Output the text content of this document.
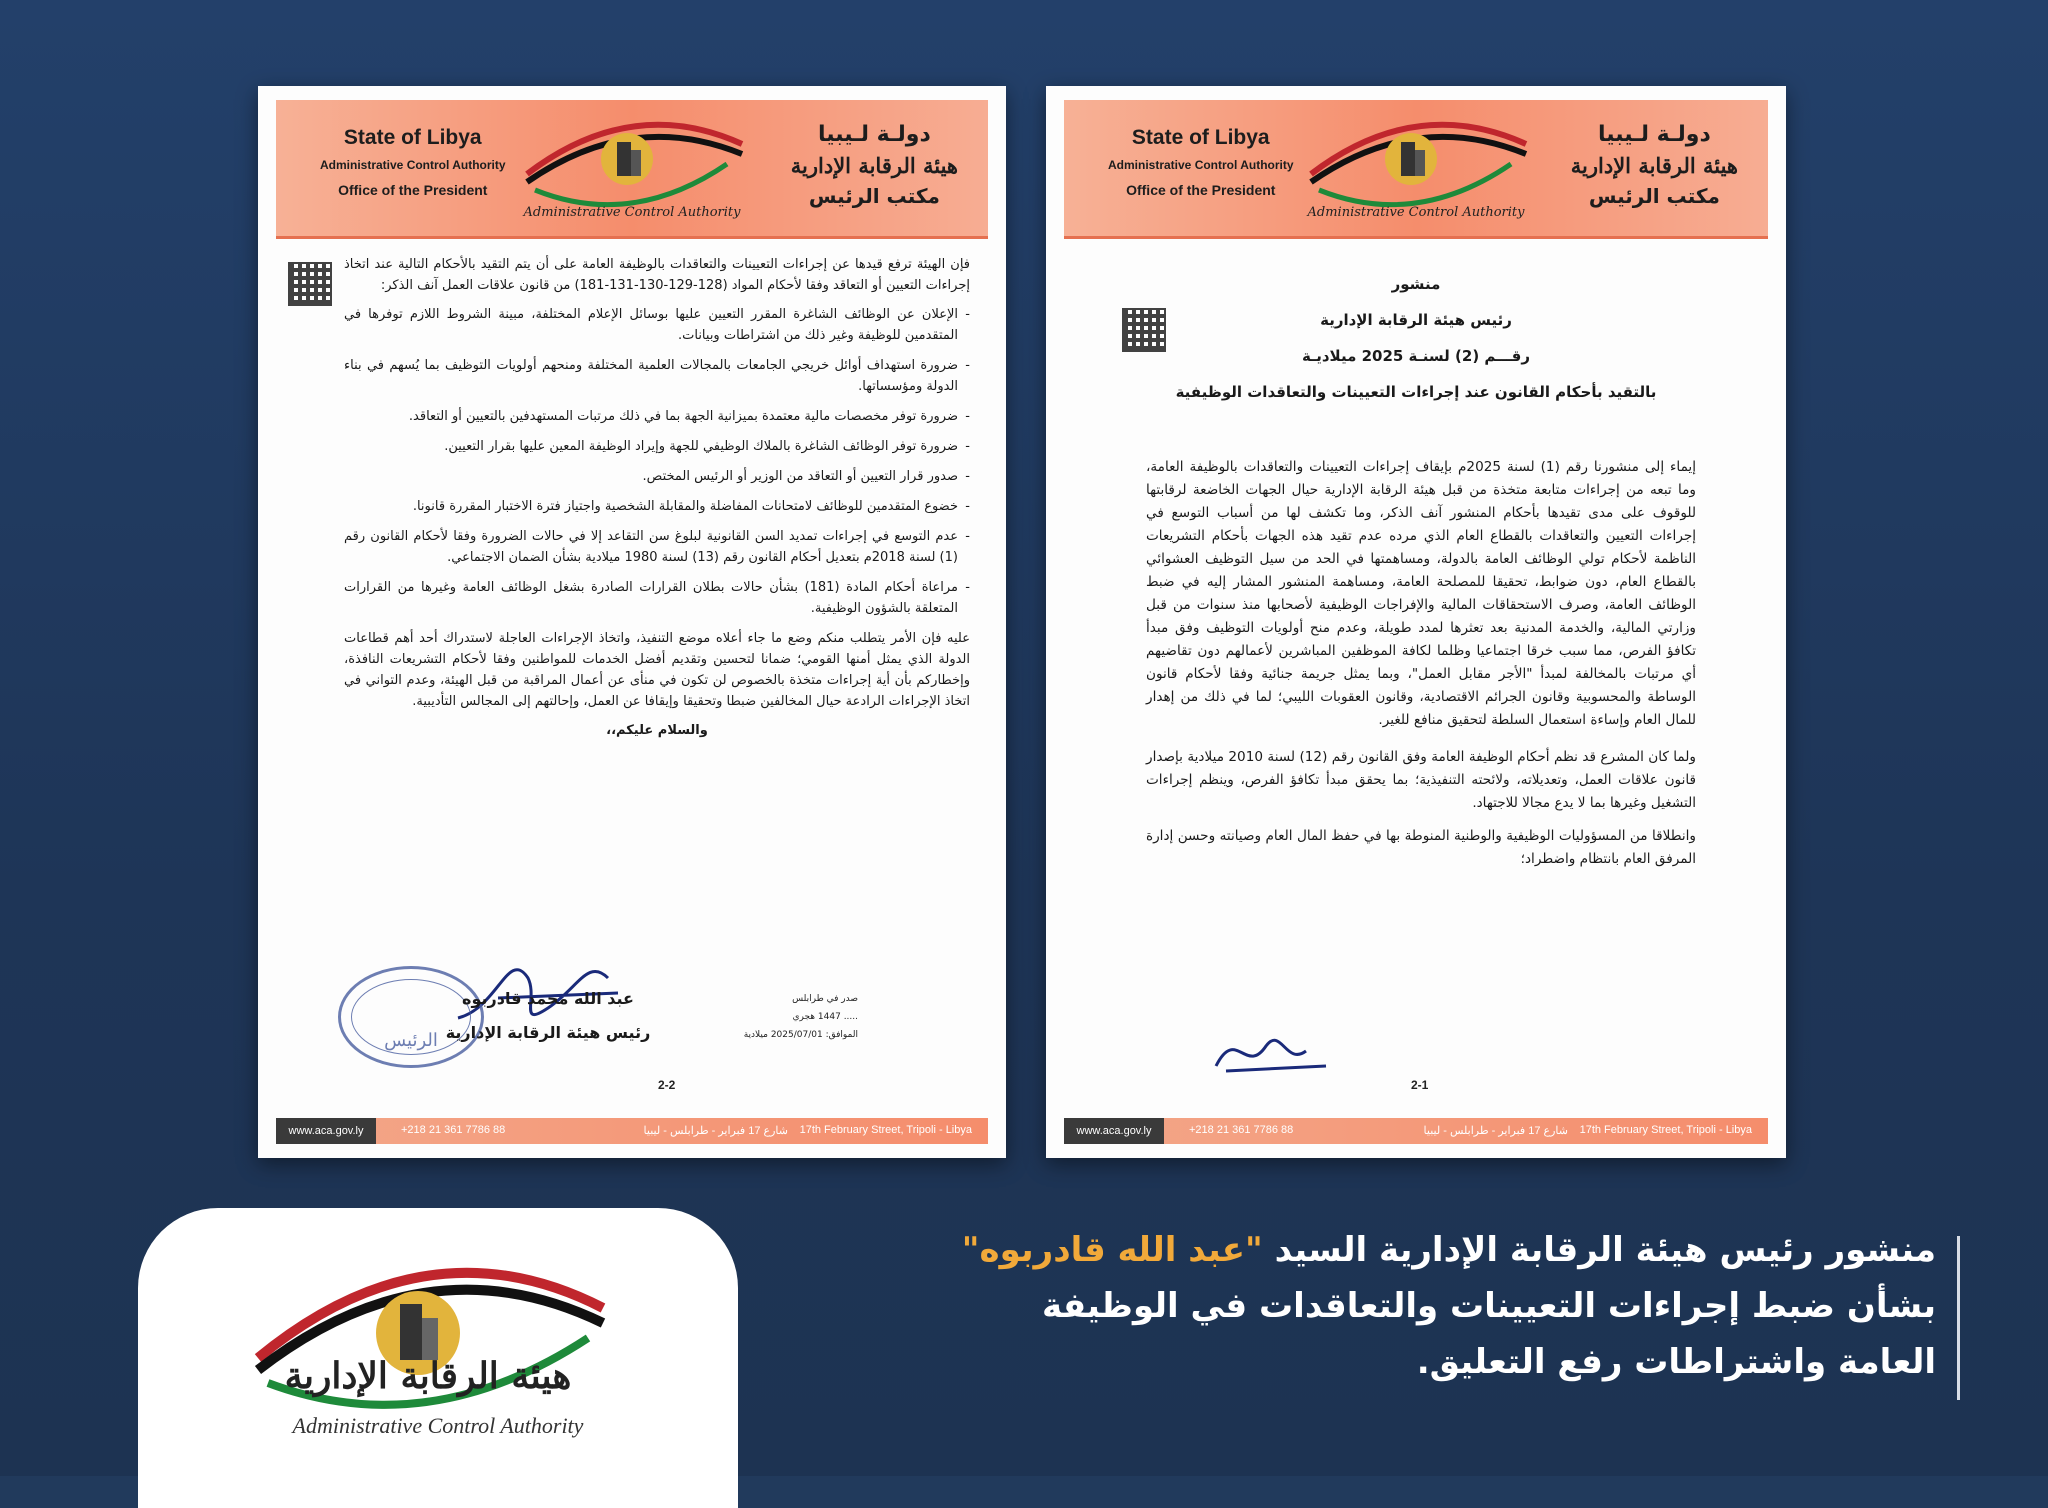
State of Libya
Administrative Control Authority
Office of the President
Administrative Control Authority
دولـة لـيبيا
هيئة الرقابة الإدارية
مكتب الرئيس

فإن الهيئة ترفع قيدها عن إجراءات التعيينات والتعاقدات بالوظيفة العامة على أن يتم التقيد بالأحكام التالية عند اتخاذ إجراءات التعيين أو التعاقد وفقا لأحكام المواد (128-129-130-131-181) من قانون علاقات العمل آنف الذكر:

- الإعلان عن الوظائف الشاغرة المقرر التعيين عليها بوسائل الإعلام المختلفة، مبينة الشروط اللازم توفرها في المتقدمين للوظيفة وغير ذلك من اشتراطات وبيانات.

- ضرورة استهداف أوائل خريجي الجامعات بالمجالات العلمية المختلفة ومنحهم أولويات التوظيف بما يُسهم في بناء الدولة ومؤسساتها.

- ضرورة توفر مخصصات مالية معتمدة بميزانية الجهة بما في ذلك مرتبات المستهدفين بالتعيين أو التعاقد.

- ضرورة توفر الوظائف الشاغرة بالملاك الوظيفي للجهة وإيراد الوظيفة المعين عليها بقرار التعيين.

- صدور قرار التعيين أو التعاقد من الوزير أو الرئيس المختص.

- خضوع المتقدمين للوظائف لامتحانات المفاضلة والمقابلة الشخصية واجتياز فترة الاختبار المقررة قانونا.

- عدم التوسع في إجراءات تمديد السن القانونية لبلوغ سن التقاعد إلا في حالات الضرورة وفقا لأحكام القانون رقم (1) لسنة 2018م بتعديل أحكام القانون رقم (13) لسنة 1980 ميلادية بشأن الضمان الاجتماعي.

- مراعاة أحكام المادة (181) بشأن حالات بطلان القرارات الصادرة بشغل الوظائف العامة وغيرها من القرارات المتعلقة بالشؤون الوظيفية.

عليه فإن الأمر يتطلب منكم وضع ما جاء أعلاه موضع التنفيذ، واتخاذ الإجراءات العاجلة لاستدراك أحد أهم قطاعات الدولة الذي يمثل أمنها القومي؛ ضمانا لتحسين وتقديم أفضل الخدمات للمواطنين وفقا لأحكام التشريعات النافذة، وإخطاركم بأن أية إجراءات متخذة بالخصوص لن تكون في منأى عن أعمال المراقبة من قبل الهيئة، وعدم التواني في اتخاذ الإجراءات الرادعة حيال المخالفين ضبطا وتحقيقا وإيقافا عن العمل، وإحالتهم إلى المجالس التأديبية.

والسلام عليكم،،

الرئيس
عبد الله محمد قادربوه
رئيس هيئة الرقابة الإدارية
صدر في طرابلس
..... 1447 هجري
الموافق: 2025/07/01 ميلادية
2-2
www.aca.gov.ly	+218 21 361 7786 88	شارع 17 فبراير - طرابلس - ليبيا 17th February Street, Tripoli - Libya
State of Libya
Administrative Control Authority
Office of the President
Administrative Control Authority
دولـة لـيبيا
هيئة الرقابة الإدارية
مكتب الرئيس
منشور
رئيس هيئة الرقابة الإدارية
رقـــم (2) لسنـة 2025 ميلاديـة
بالتقيد بأحكام القانون عند إجراءات التعيينات والتعاقدات الوظيفية

إيماء إلى منشورنا رقم (1) لسنة 2025م بإيقاف إجراءات التعيينات والتعاقدات بالوظيفة العامة، وما تبعه من إجراءات متابعة متخذة من قبل هيئة الرقابة الإدارية حيال الجهات الخاضعة لرقابتها للوقوف على مدى تقيدها بأحكام المنشور آنف الذكر، وما تكشف لها من أسباب التوسع في إجراءات التعيين والتعاقدات بالقطاع العام الذي مرده عدم تقيد هذه الجهات بأحكام التشريعات الناظمة لأحكام تولي الوظائف العامة بالدولة، ومساهمتها في الحد من سيل التوظيف العشوائي بالقطاع العام، دون ضوابط، تحقيقا للمصلحة العامة، ومساهمة المنشور المشار إليه في ضبط الوظائف العامة، وصرف الاستحقاقات المالية والإفراجات الوظيفية لأصحابها منذ سنوات من قبل وزارتي المالية، والخدمة المدنية بعد تعثرها لمدد طويلة، وعدم منح أولويات التوظيف وفق مبدأ تكافؤ الفرص، مما سبب خرقا اجتماعيا وظلما لكافة الموظفين المباشرين لأعمالهم دون تقاضيهم أي مرتبات بالمخالفة لمبدأ "الأجر مقابل العمل"، وبما يمثل جريمة جنائية وفقا لأحكام قانون الوساطة والمحسوبية وقانون الجرائم الاقتصادية، وقانون العقوبات الليبي؛ لما في ذلك من إهدار للمال العام وإساءة استعمال السلطة لتحقيق منافع للغير.

ولما كان المشرع قد نظم أحكام الوظيفة العامة وفق القانون رقم (12) لسنة 2010 ميلادية بإصدار قانون علاقات العمل، وتعديلاته، ولائحته التنفيذية؛ بما يحقق مبدأ تكافؤ الفرص، وينظم إجراءات التشغيل وغيرها بما لا يدع مجالا للاجتهاد.

وانطلاقا من المسؤوليات الوظيفية والوطنية المنوطة بها في حفظ المال العام وصيانته وحسن إدارة المرفق العام بانتظام واضطراد؛

2-1
www.aca.gov.ly	+218 21 361 7786 88	شارع 17 فبراير - طرابلس - ليبيا 17th February Street, Tripoli - Libya
هيئة الرقابة الإدارية
Administrative Control Authority
منشور رئيس هيئة الرقابة الإدارية السيد "عبد الله قادربوه"
بشأن ضبط إجراءات التعيينات والتعاقدات في الوظيفة
العامة واشتراطات رفع التعليق.
